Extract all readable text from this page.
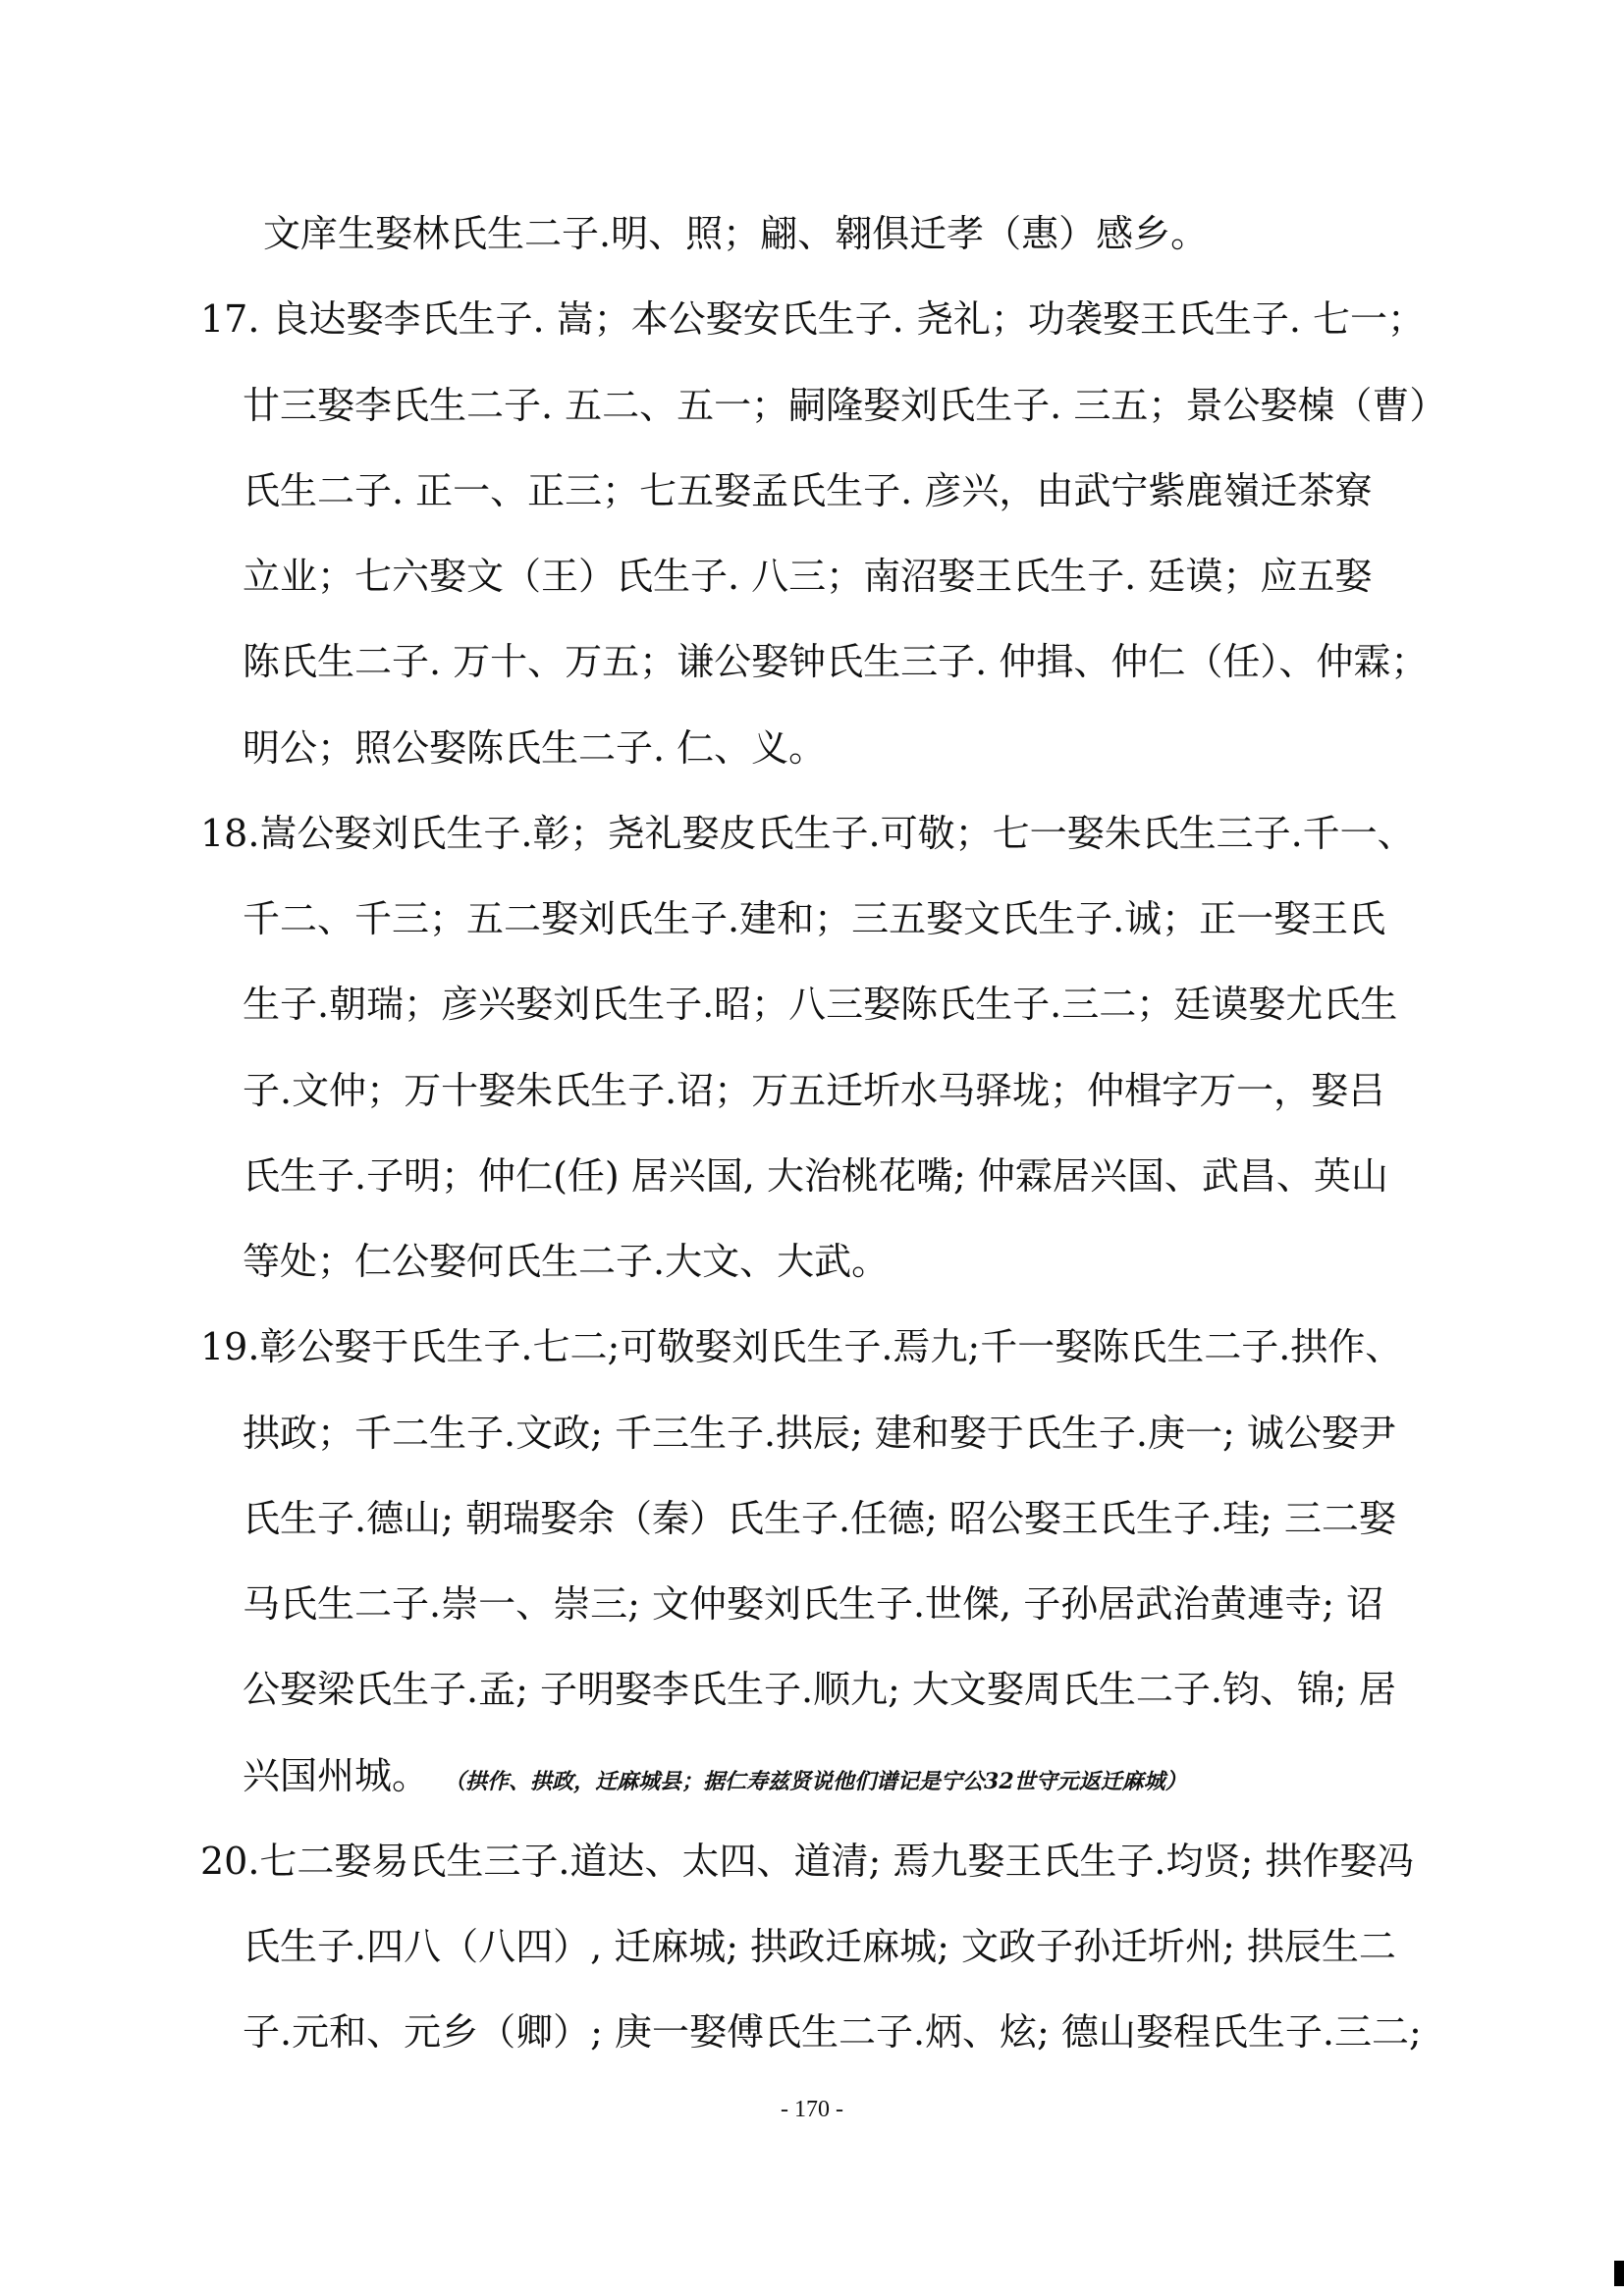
文庠生娶林氏生二子.明、照；翩、翱俱迁孝（惠）感乡。
17. 良达娶李氏生子. 嵩；本公娶安氏生子. 尧礼；功袭娶王氏生子. 七一；
廿三娶李氏生二子. 五二、五一；嗣隆娶刘氏生子. 三五；景公娶槕（曹）
氏生二子. 正一、正三；七五娶孟氏生子. 彦兴，由武宁紫鹿嶺迁茶寮
立业；七六娶文（王）氏生子. 八三；南沼娶王氏生子. 廷谟；应五娶
陈氏生二子. 万十、万五；谦公娶钟氏生三子. 仲揖、仲仁（任）、仲霖；
明公；照公娶陈氏生二子. 仁、义。
18.嵩公娶刘氏生子.彰；尧礼娶皮氏生子.可敬；七一娶朱氏生三子.千一、
千二、千三；五二娶刘氏生子.建和；三五娶文氏生子.诚；正一娶王氏
生子.朝瑞；彦兴娶刘氏生子.昭；八三娶陈氏生子.三二；廷谟娶尤氏生
子.文仲；万十娶朱氏生子.诏；万五迁圻水马驿垅；仲楫字万一，娶吕
氏生子.子明；仲仁(任) 居兴国, 大治桃花嘴; 仲霖居兴国、武昌、英山
等处；仁公娶何氏生二子.大文、大武。
19.彰公娶于氏生子.七二;可敬娶刘氏生子.焉九;千一娶陈氏生二子.拱作、
拱政；千二生子.文政; 千三生子.拱辰; 建和娶于氏生子.庚一; 诚公娶尹
氏生子.德山; 朝瑞娶余（秦）氏生子.任德; 昭公娶王氏生子.珪; 三二娶
马氏生二子.崇一、崇三; 文仲娶刘氏生子.世傑, 子孙居武治黄連寺; 诏
公娶梁氏生子.孟; 子明娶李氏生子.顺九; 大文娶周氏生二子.钧、锦; 居
兴国州城。 （拱作、拱政，迁麻城县；据仁寿兹贤说他们谱记是宁公32世守元返迁麻城）
20.七二娶易氏生三子.道达、太四、道清; 焉九娶王氏生子.均贤; 拱作娶冯
氏生子.四八（八四）, 迁麻城; 拱政迁麻城; 文政子孙迁圻州; 拱辰生二
子.元和、元乡（卿）; 庚一娶傅氏生二子.炳、炫; 德山娶程氏生子.三二;
- 170 -
